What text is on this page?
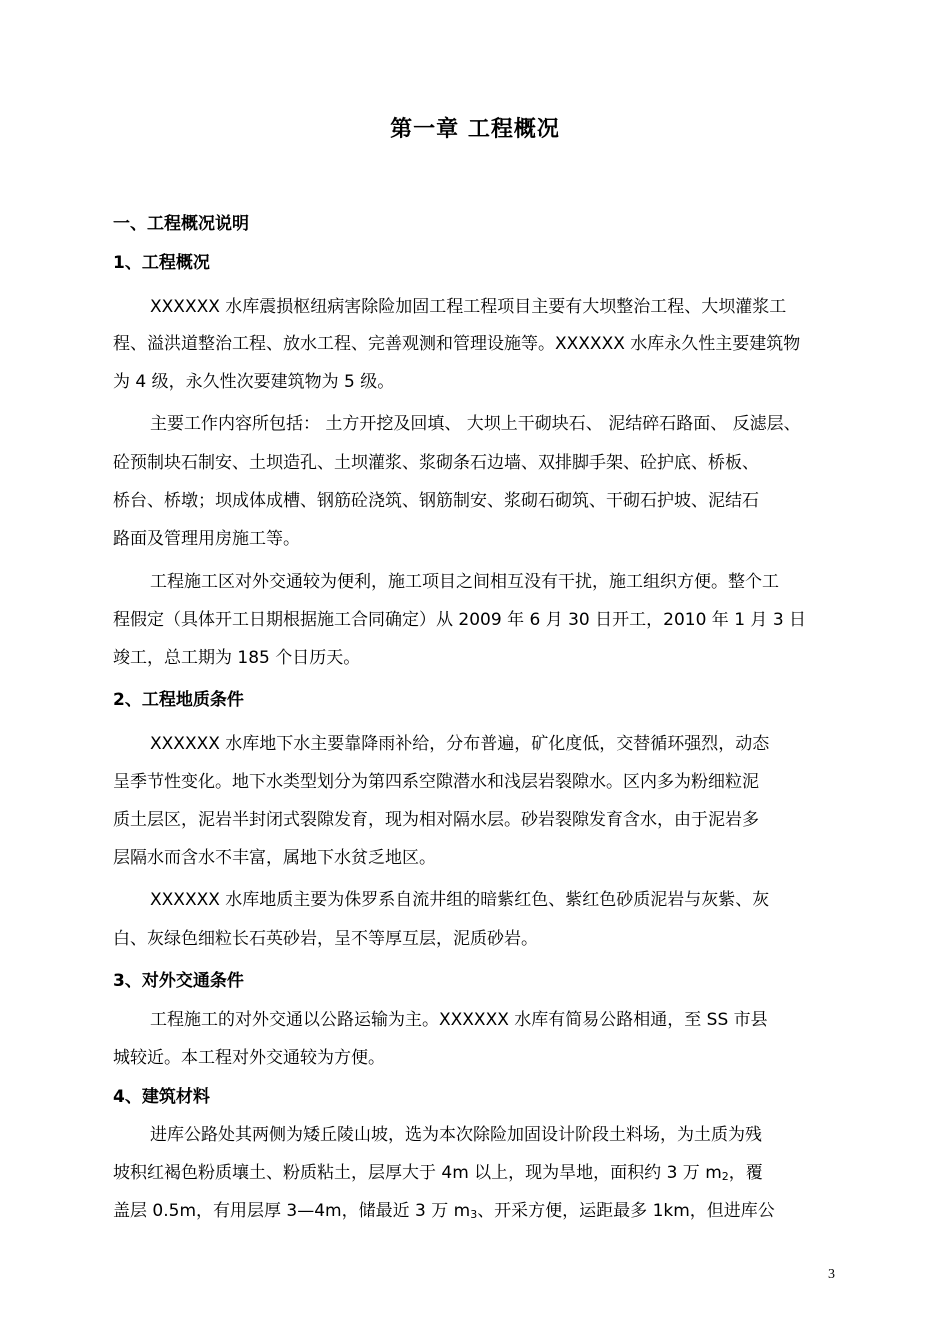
第一章 工程概况
一、工程概况说明
1、工程概况

XXXXXX 水库震损枢纽病害除险加固工程工程项目主要有大坝整治工程、大坝灌浆工

程、溢洪道整治工程、放水工程、完善观测和管理设施等。XXXXXX 水库永久性主要建筑物

为 4 级，永久性次要建筑物为 5 级。

主要工作内容所包括： 土方开挖及回填、 大坝上干砌块石、 泥结碎石路面、 反滤层、

砼预制块石制安、土坝造孔、土坝灌浆、浆砌条石边墙、双排脚手架、砼护底、桥板、

桥台、桥墩；坝成体成槽、钢筋砼浇筑、钢筋制安、浆砌石砌筑、干砌石护坡、泥结石

路面及管理用房施工等。

工程施工区对外交通较为便利，施工项目之间相互没有干扰，施工组织方便。整个工

程假定（具体开工日期根据施工合同确定）从 2009 年 6 月 30 日开工，2010 年 1 月 3 日

竣工，总工期为 185 个日历天。

2、工程地质条件

XXXXXX 水库地下水主要靠降雨补给，分布普遍，矿化度低，交替循环强烈，动态

呈季节性变化。地下水类型划分为第四系空隙潜水和浅层岩裂隙水。区内多为粉细粒泥

质土层区，泥岩半封闭式裂隙发育，现为相对隔水层。砂岩裂隙发育含水，由于泥岩多

层隔水而含水不丰富，属地下水贫乏地区。

XXXXXX 水库地质主要为侏罗系自流井组的暗紫红色、紫红色砂质泥岩与灰紫、灰

白、灰绿色细粒长石英砂岩，呈不等厚互层，泥质砂岩。

3、对外交通条件

工程施工的对外交通以公路运输为主。XXXXXX 水库有简易公路相通，至 SS 市县

城较近。本工程对外交通较为方便。

4、建筑材料

进库公路处其两侧为矮丘陵山坡，选为本次除险加固设计阶段土料场，为土质为残

坡积红褐色粉质壤土、粉质粘土，层厚大于 4m 以上，现为旱地，面积约 3 万 $m_2$，覆

盖层 0.5m，有用层厚 3—4m，储最近 3 万 $m_3$、开采方便，运距最多 1km，但进库公

3
